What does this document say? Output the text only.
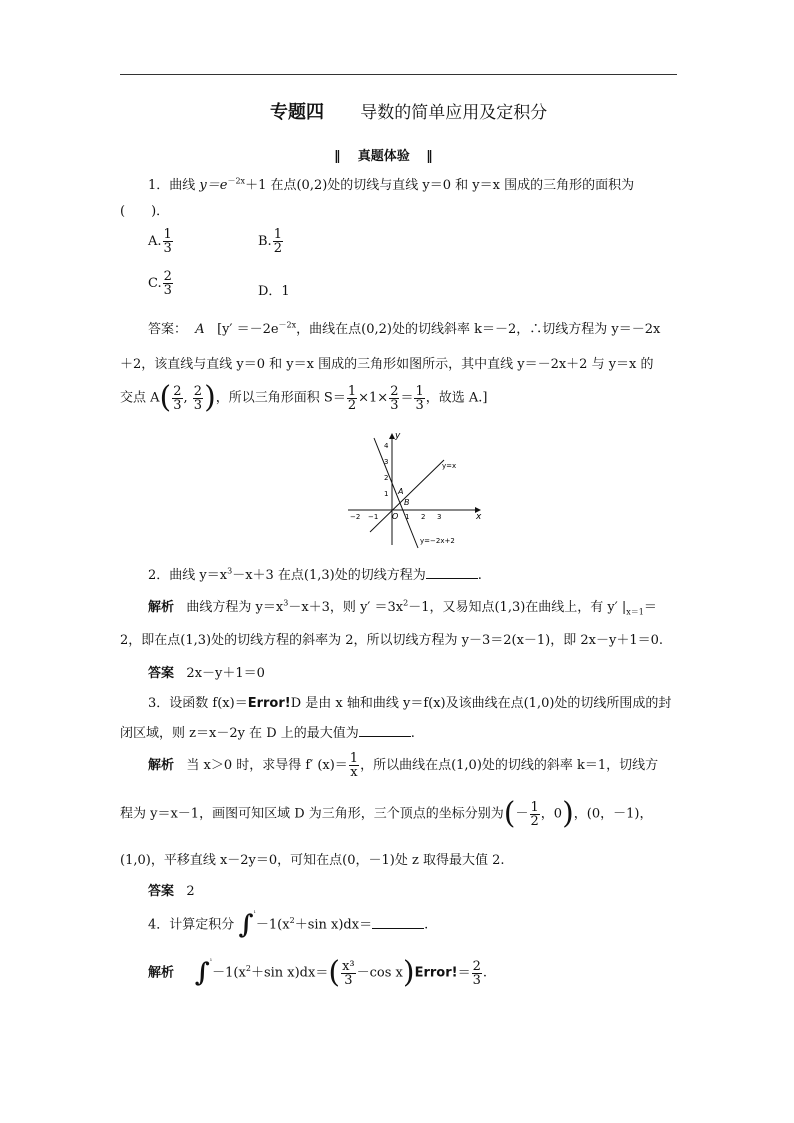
专题四 导数的简单应用及定积分
‖ 真题体验 ‖
1．曲线 $y=e^{-2x}+1$ 在点(0,2)处的切线与直线 y＝0 和 y＝x 围成的三角形的面积为
(　　)．
A. $\frac{1}{3}$	B. $\frac{1}{2}$
C. $\frac{2}{3}$	D．1
答案： A [$y' =-2e^{-2x}$，曲线在点(0,2)处的切线斜率 k＝－2，∴切线方程为 y＝－2x
＋2，该直线与直线 y＝0 和 y＝x 围成的三角形如图所示，其中直线 y＝－2x＋2 与 y＝x 的
交点 $A( \frac{2}{3}$ , $\frac{2}{3}$ )，所以三角形面积 $S= \frac{1}{2} \times 1\times \frac{2}{3} = \frac{1}{3}$ ，故选 A.]
y
x
O
A
B
y=x
y=−2x+2
−2 −1	1 2 3
1
2
3
4
2．曲线 $y=x^3-x+3$ 在点(1,3)处的切线方程为	.
解析 曲线方程为 $y=x^3-x+3$，则 $y' =3x^2-1$，又易知点(1,3)在曲线上，有 y′ $|_{x=1}=$
2，即在点(1,3)处的切线方程的斜率为 2，所以切线方程为 y－3＝2(x－1)，即 2x－y＋1＝0.
答案 2x－y＋1＝0
3．设函数 f(x)＝Error!D 是由 x 轴和曲线 y＝f(x)及该曲线在点(1,0)处的切线所围成的封
闭区域，则 z＝x－2y 在 D 上的最大值为	.
解析 当 x＞0 时，求导得 f′ $(x)= \frac{1}{x}$ ，所以曲线在点(1,0)处的切线的斜率 k＝1，切线方
程为 y＝x－1，画图可知区域 D 为三角形，三个顶点的坐标分别为(－ $\frac{1}{2}$ ，0)，(0，－1)，
(1,0)，平移直线 x－2y＝0，可知在点(0，－1)处 z 取得最大值 2.
答案 2
4．计算定积分 $\int^{^1}-1(x^2+\sin$ x)dx＝	.
解析 $\int^{^1}-1(x^2+\sin$ $x)dx=( \frac{\text{x³}}{3} -\cos$ x)Error!＝ $\frac{2}{3}$ .
